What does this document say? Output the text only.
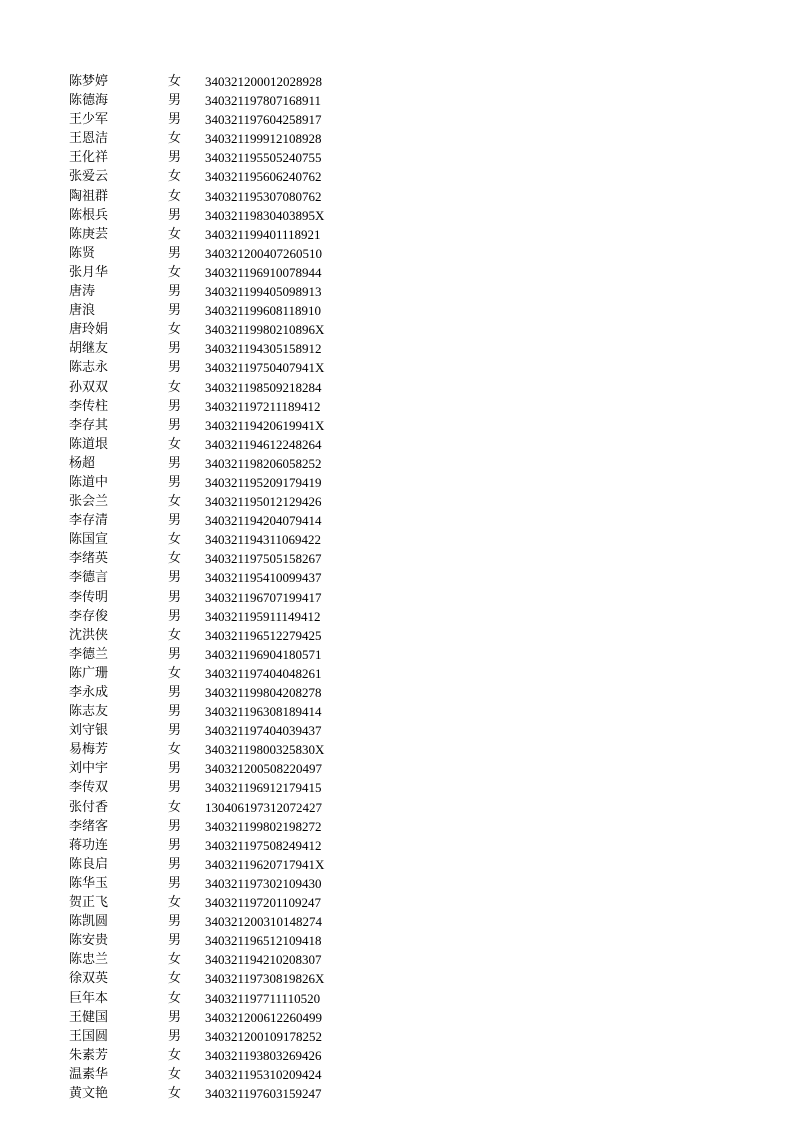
陈梦婷	女	340321200012028928
陈德海	男	340321197807168911
王少军	男	340321197604258917
王恩洁	女	340321199912108928
王化祥	男	340321195505240755
张爱云	女	340321195606240762
陶祖群	女	340321195307080762
陈根兵	男	34032119830403895X
陈庚芸	女	340321199401118921
陈贤	男	340321200407260510
张月华	女	340321196910078944
唐涛	男	340321199405098913
唐浪	男	340321199608118910
唐玲娟	女	34032119980210896X
胡继友	男	340321194305158912
陈志永	男	34032119750407941X
孙双双	女	340321198509218284
李传柱	男	340321197211189412
李存其	男	34032119420619941X
陈道垠	女	340321194612248264
杨超	男	340321198206058252
陈道中	男	340321195209179419
张会兰	女	340321195012129426
李存清	男	340321194204079414
陈国宣	女	340321194311069422
李绪英	女	340321197505158267
李德言	男	340321195410099437
李传明	男	340321196707199417
李存俊	男	340321195911149412
沈洪侠	女	340321196512279425
李德兰	男	340321196904180571
陈广珊	女	340321197404048261
李永成	男	340321199804208278
陈志友	男	340321196308189414
刘守银	男	340321197404039437
易梅芳	女	34032119800325830X
刘中宇	男	340321200508220497
李传双	男	340321196912179415
张付香	女	130406197312072427
李绪客	男	340321199802198272
蒋功连	男	340321197508249412
陈良启	男	34032119620717941X
陈华玉	男	340321197302109430
贺正飞	女	340321197201109247
陈凯圆	男	340321200310148274
陈安贵	男	340321196512109418
陈忠兰	女	340321194210208307
徐双英	女	34032119730819826X
巨年本	女	340321197711110520
王健国	男	340321200612260499
王国圆	男	340321200109178252
朱素芳	女	340321193803269426
温素华	女	340321195310209424
黄文艳	女	340321197603159247
